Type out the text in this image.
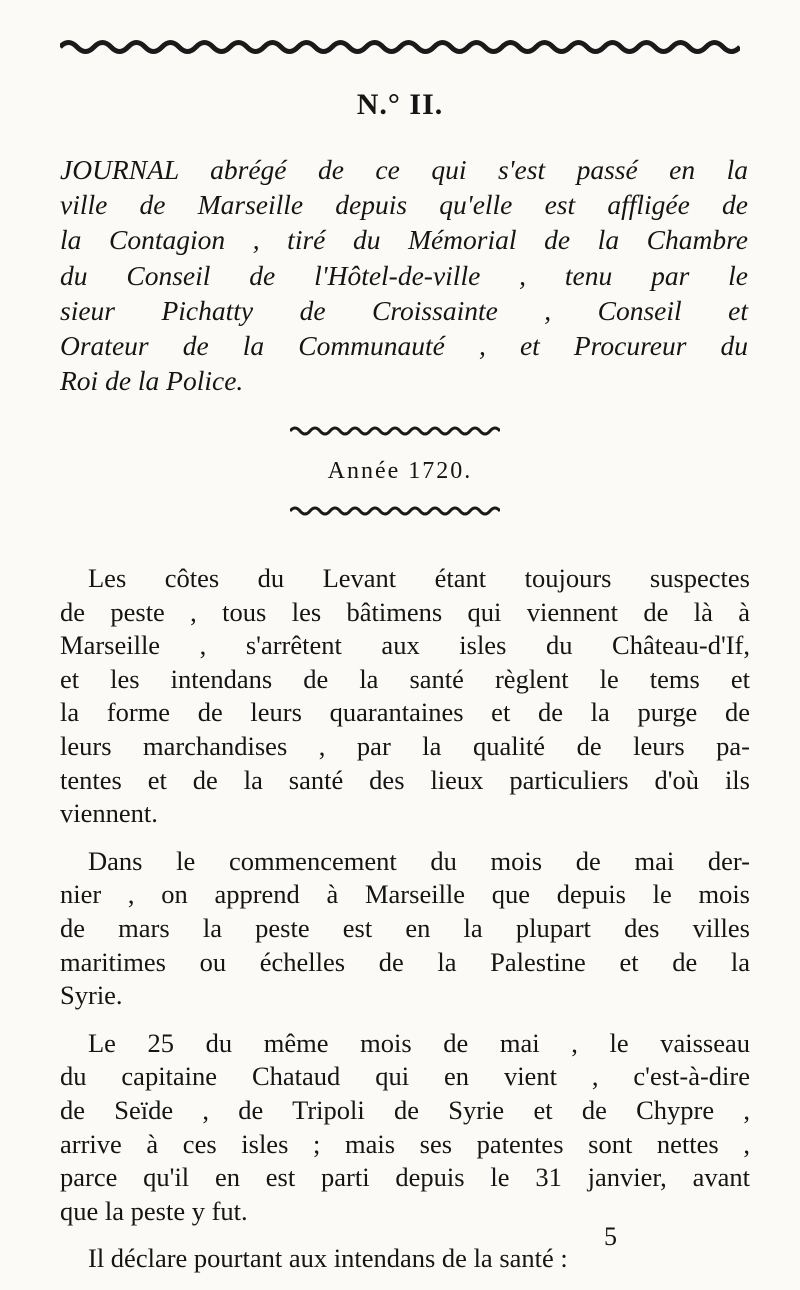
N.° II.
JOURNAL abrégé de ce qui s'est passé en la
ville de Marseille depuis qu'elle est affligée de
la Contagion , tiré du Mémorial de la Chambre
du Conseil de l'Hôtel-de-ville , tenu par le
sieur Pichatty de Croissainte , Conseil et
Orateur de la Communauté , et Procureur du
Roi de la Police.
Année 1720.

Les côtes du Levant étant toujours suspectes
de peste , tous les bâtimens qui viennent de là à
Marseille , s'arrêtent aux isles du Château-d'If,
et les intendans de la santé règlent le tems et
la forme de leurs quarantaines et de la purge de
leurs marchandises , par la qualité de leurs pa-
tentes et de la santé des lieux particuliers d'où ils
viennent.

Dans le commencement du mois de mai der-
nier , on apprend à Marseille que depuis le mois
de mars la peste est en la plupart des villes
maritimes ou échelles de la Palestine et de la
Syrie.

Le 25 du même mois de mai , le vaisseau
du capitaine Chataud qui en vient , c'est-à-dire
de Seïde , de Tripoli de Syrie et de Chypre ,
arrive à ces isles ; mais ses patentes sont nettes ,
parce qu'il en est parti depuis le 31 janvier, avant
que la peste y fut.

Il déclare pourtant aux intendans de la santé :

5
